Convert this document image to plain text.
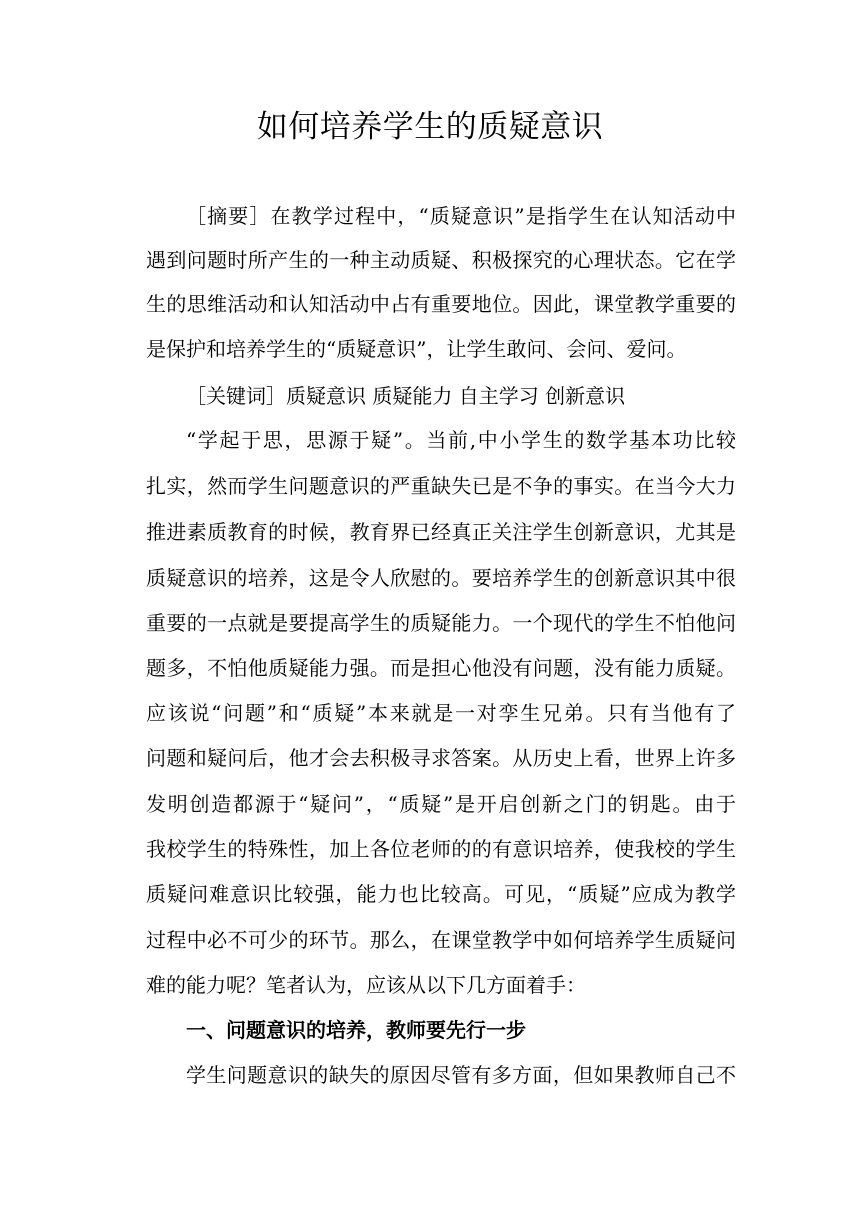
如何培养学生的质疑意识
［摘要］在教学过程中，“质疑意识”是指学生在认知活动中
遇到问题时所产生的一种主动质疑、积极探究的心理状态。它在学
生的思维活动和认知活动中占有重要地位。因此，课堂教学重要的
是保护和培养学生的“质疑意识”，让学生敢问、会问、爱问。
［关键词］质疑意识 质疑能力 自主学习 创新意识
“学起于思，思源于疑”。当前,中小学生的数学基本功比较
扎实，然而学生问题意识的严重缺失已是不争的事实。在当今大力
推进素质教育的时候，教育界已经真正关注学生创新意识，尤其是
质疑意识的培养，这是令人欣慰的。要培养学生的创新意识其中很
重要的一点就是要提高学生的质疑能力。一个现代的学生不怕他问
题多，不怕他质疑能力强。而是担心他没有问题，没有能力质疑。
应该说“问题”和“质疑”本来就是一对孪生兄弟。只有当他有了
问题和疑问后，他才会去积极寻求答案。从历史上看，世界上许多
发明创造都源于“疑问”，“质疑”是开启创新之门的钥匙。由于
我校学生的特殊性，加上各位老师的的有意识培养，使我校的学生
质疑问难意识比较强，能力也比较高。可见，“质疑”应成为教学
过程中必不可少的环节。那么，在课堂教学中如何培养学生质疑问
难的能力呢？笔者认为，应该从以下几方面着手：
一、问题意识的培养，教师要先行一步
学生问题意识的缺失的原因尽管有多方面，但如果教师自己不
